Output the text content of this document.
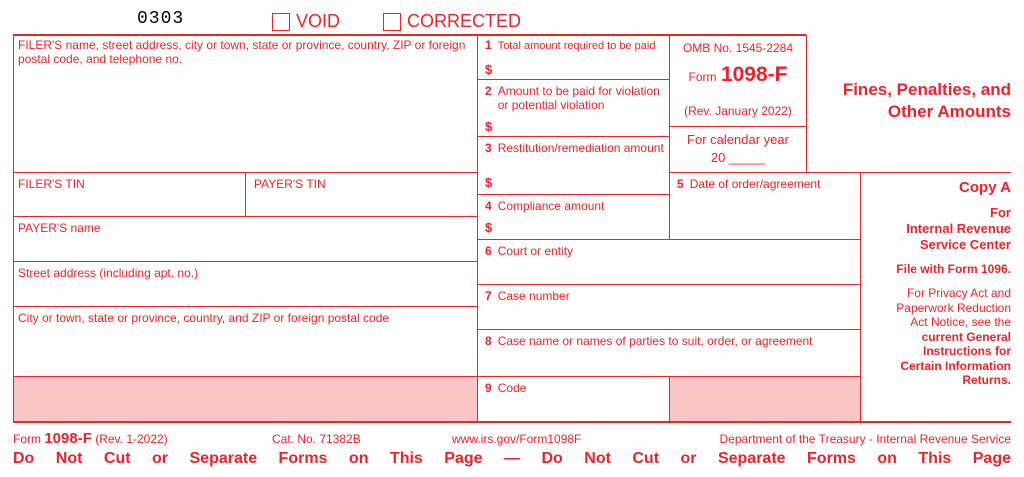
0303	VOID	CORRECTED
FILER'S name, street address, city or town, state or province, country, ZIP or foreign postal code, and telephone no.
FILER'S TIN	PAYER'S TIN
PAYER'S name
Street address (including apt. no.)
City or town, state or province, country, and ZIP or foreign postal code
1 Total amount required to be paid
$
2 Amount to be paid for violation or potential violation
$
3 Restitution/remediation amount
$
4 Compliance amount
$
OMB No. 1545-2284
Form 1098-F
(Rev. January 2022)
For calendar year
20 _____
5 Date of order/agreement
Fines, Penalties, and
Other Amounts
6 Court or entity
7 Case number
8 Case name or names of parties to suit, order, or agreement
9 Code
Copy A
For
Internal Revenue
Service Center
File with Form 1096.
For Privacy Act and
Paperwork Reduction
Act Notice, see the
current General
Instructions for
Certain Information
Returns.
Form 1098-F (Rev. 1-2022)	Cat. No. 71382B	www.irs.gov/Form1098F	Department of the Treasury - Internal Revenue Service
Do Not Cut or Separate Forms on This Page — Do Not Cut or Separate Forms on This Page
